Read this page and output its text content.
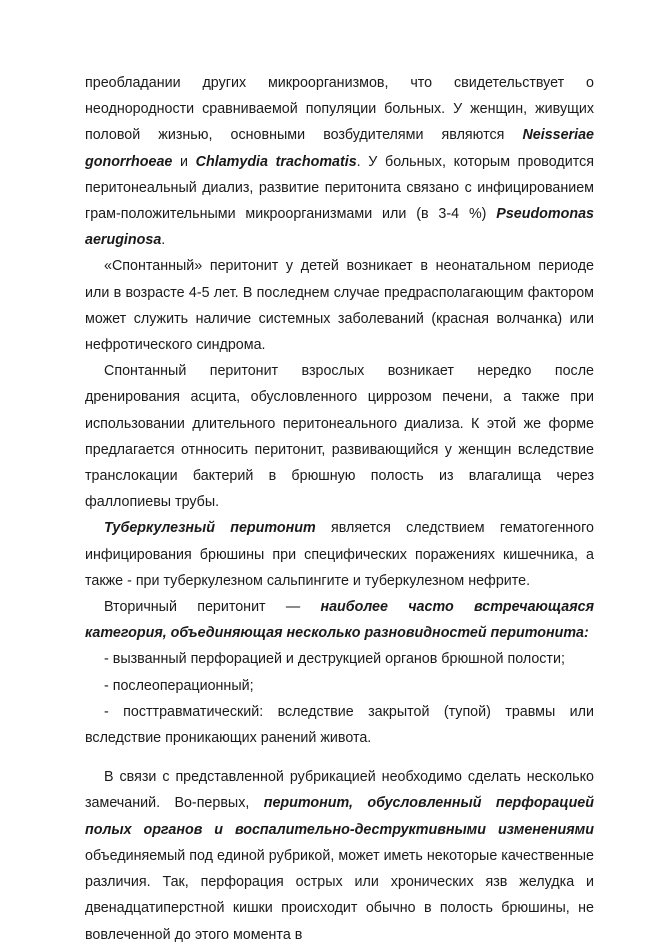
преобладании других микроорганизмов, что свидетельствует о неоднородности сравниваемой популяции больных. У женщин, живущих половой жизнью, основными возбудителями являются Neisseriae gonorrhoeae и Chlamydia trachomatis. У больных, которым проводится перитонеальный диализ, развитие перитонита связано с инфицированием грам-положительными микроорганизмами или (в 3-4 %) Pseudomonas aeruginosa.

«Спонтанный» перитонит у детей возникает в неонатальном периоде или в возрасте 4-5 лет. В последнем случае предрасполагающим фактором может служить наличие системных заболеваний (красная волчанка) или нефротического синдрома.

Спонтанный перитонит взрослых возникает нередко после дренирования асцита, обусловленного циррозом печени, а также при использовании длительного перитонеального диализа. К этой же форме предлагается отнносить перитонит, развивающийся у женщин вследствие транслокации бактерий в брюшную полость из влагалища через фаллопиевы трубы.

Туберкулезный перитонит является следствием гематогенного инфицирования брюшины при специфических поражениях кишечника, а также - при туберкулезном сальпингите и туберкулезном нефрите.

Вторичный перитонит — наиболее часто встречающаяся категория, объединяющая несколько разновидностей перитонита:

- вызванный перфорацией и деструкцией органов брюшной полости;

- послеоперационный;

- посттравматический: вследствие закрытой (тупой) травмы или вследствие проникающих ранений живота.

В связи с представленной рубрикацией необходимо сделать несколько замечаний. Во-первых, перитонит, обусловленный перфорацией полых органов и воспалительно-деструктивными изменениями объединяемый под единой рубрикой, может иметь некоторые качественные различия. Так, перфорация острых или хронических язв желудка и двенадцатиперстной кишки происходит обычно в полость брюшины, не вовлеченной до этого момента в
